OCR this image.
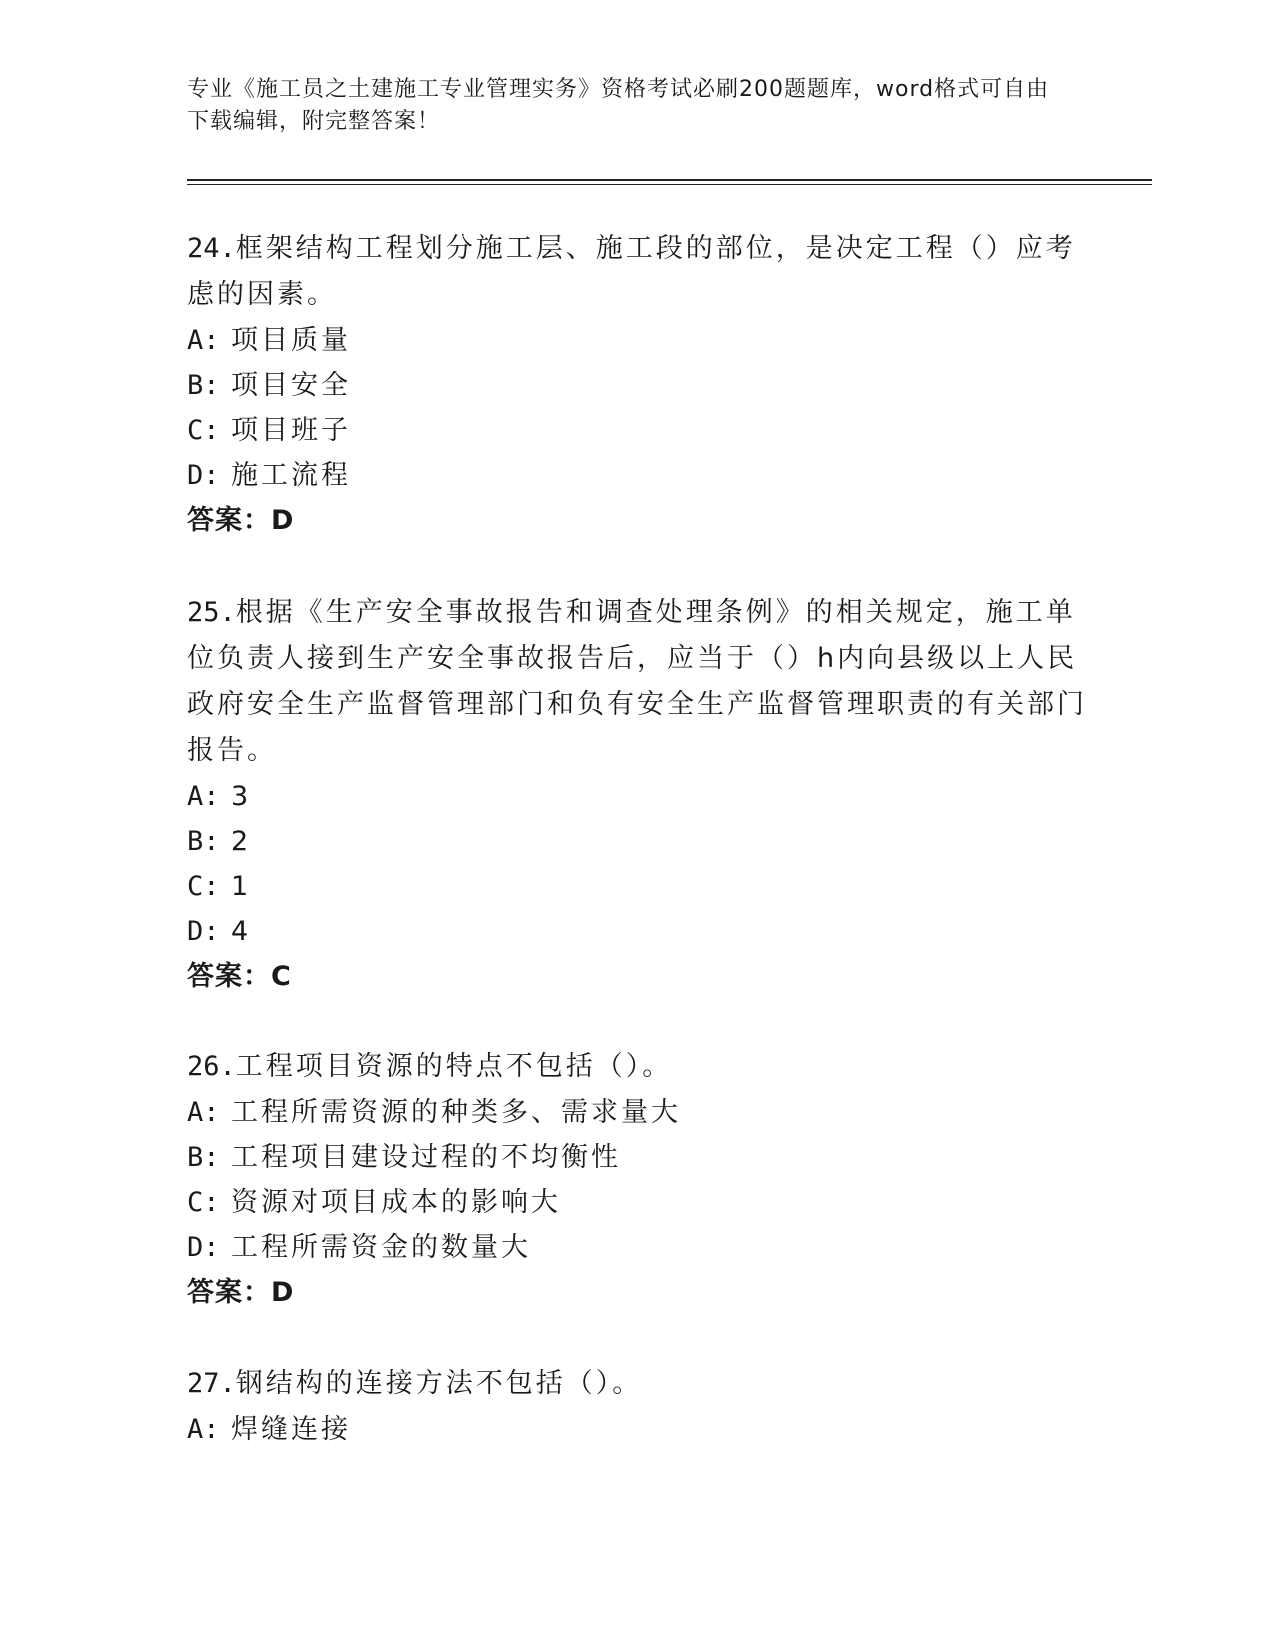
专业《施工员之土建施工专业管理实务》资格考试必刷200题题库，word格式可自由下载编辑，附完整答案！

24.框架结构工程划分施工层、施工段的部位，是决定工程（）应考虑的因素。

A: 项目质量

B: 项目安全

C: 项目班子

D: 施工流程

答案：D

25.根据《生产安全事故报告和调查处理条例》的相关规定，施工单位负责人接到生产安全事故报告后，应当于（）h内向县级以上人民政府安全生产监督管理部门和负有安全生产监督管理职责的有关部门报告。

A: 3

B: 2

C: 1

D: 4

答案：C

26.工程项目资源的特点不包括（）。

A: 工程所需资源的种类多、需求量大

B: 工程项目建设过程的不均衡性

C: 资源对项目成本的影响大

D: 工程所需资金的数量大

答案：D

27.钢结构的连接方法不包括（）。

A: 焊缝连接
